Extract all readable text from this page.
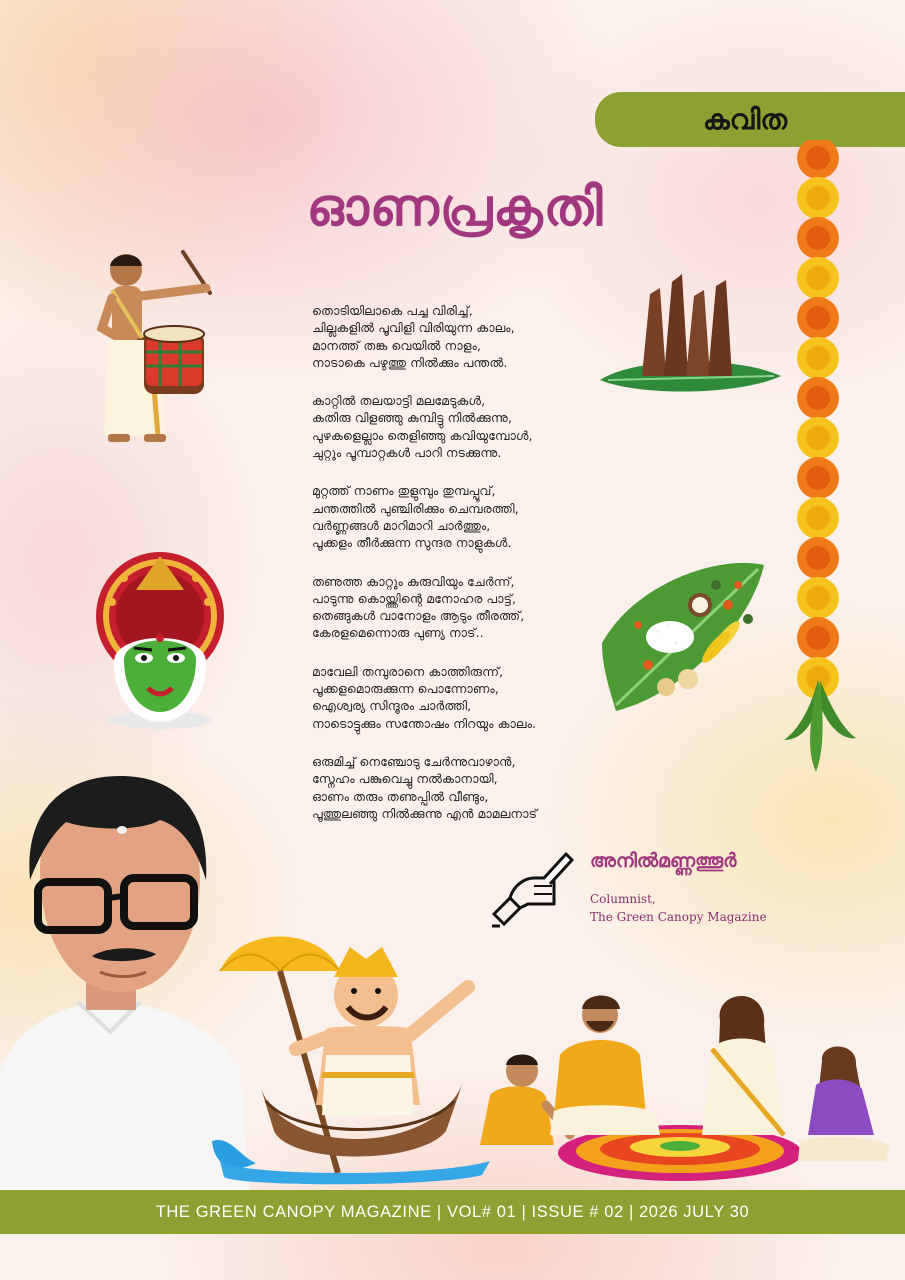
കവിത
ഓണപ്രകൃതി
തൊടിയിലാകെ പച്ച വിരിച്ച്,
ചില്ലകളിൽ പൂവിളി വിരിയുന്ന കാലം,
മാനത്ത് തങ്ക വെയിൽ നാളം,
നാടാകെ പഴുത്തു നിൽക്കും പന്തൽ.
കാറ്റിൽ തലയാട്ടി മലമേടുകൾ,
കതിരു വിളഞ്ഞു കുമ്പിട്ടു നിൽക്കുന്നു,
പുഴകളെല്ലാം തെളിഞ്ഞു കവിയുമ്പോൾ,
ചുറ്റും പൂമ്പാറ്റകൾ പാറി നടക്കുന്നു.
മുറ്റത്ത് നാണം തുളുമ്പും തുമ്പപ്പൂവ്,
ചന്തത്തിൽ പുഞ്ചിരിക്കും ചെമ്പരത്തി,
വർണ്ണങ്ങൾ മാറിമാറി ചാർത്തും,
പൂക്കളം തീർക്കുന്ന സുന്ദര നാളുകൾ.
തണുത്ത കാറ്റും കുരുവിയും ചേർന്ന്,
പാടുന്നു കൊയ്ത്തിന്റെ മനോഹര പാട്ട്,
തെങ്ങുകൾ വാനോളം ആടും തീരത്ത്,
കേരളമെന്നൊരു പുണ്യ നാട്..
മാവേലി തമ്പുരാനെ കാത്തിരുന്ന്,
പൂക്കളമൊരുക്കുന്ന പൊന്നോണം,
ഐശ്വര്യ സിന്ദൂരം ചാർത്തി,
നാടൊട്ടുക്കും സന്തോഷം നിറയും കാലം.
ഒരുമിച്ച് നെഞ്ചോടു ചേർന്നുവാഴാൻ,
സ്നേഹം പങ്കുവെച്ചു നൽകാനായി,
ഓണം തരും തണുപ്പിൽ വീണ്ടും,
പൂത്തുലഞ്ഞു നിൽക്കുന്നു എൻ മാമലനാട്
അനിൽമണ്ണത്തൂർ
Columnist,
The Green Canopy Magazine
THE GREEN CANOPY MAGAZINE | VOL# 01 | ISSUE # 02 | 2026 JULY 30
